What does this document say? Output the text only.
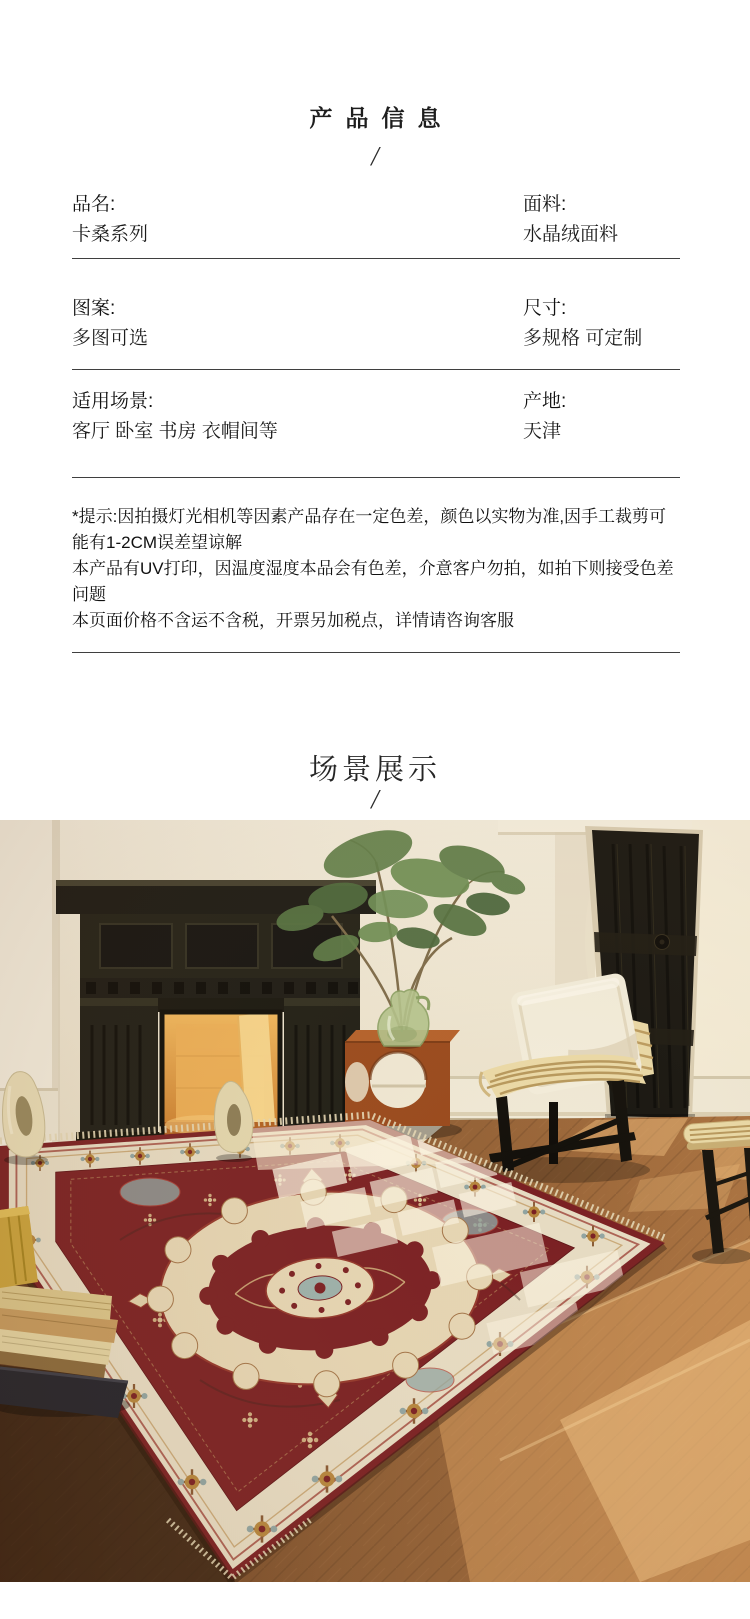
产品信息
/
品名:
卡桑系列
面料:
水晶绒面料
图案:
多图可选
尺寸:
多规格 可定制
适用场景:
客厅 卧室 书房 衣帽间等
产地:
天津

*提示:因拍摄灯光相机等因素产品存在一定色差，颜色以实物为准,因手工裁剪可能有1-2CM误差望谅解

本产品有UV打印，因温度湿度本品会有色差，介意客户勿拍，如拍下则接受色差问题

本页面价格不含运不含税，开票另加税点，详情请咨询客服

场景展示
/
